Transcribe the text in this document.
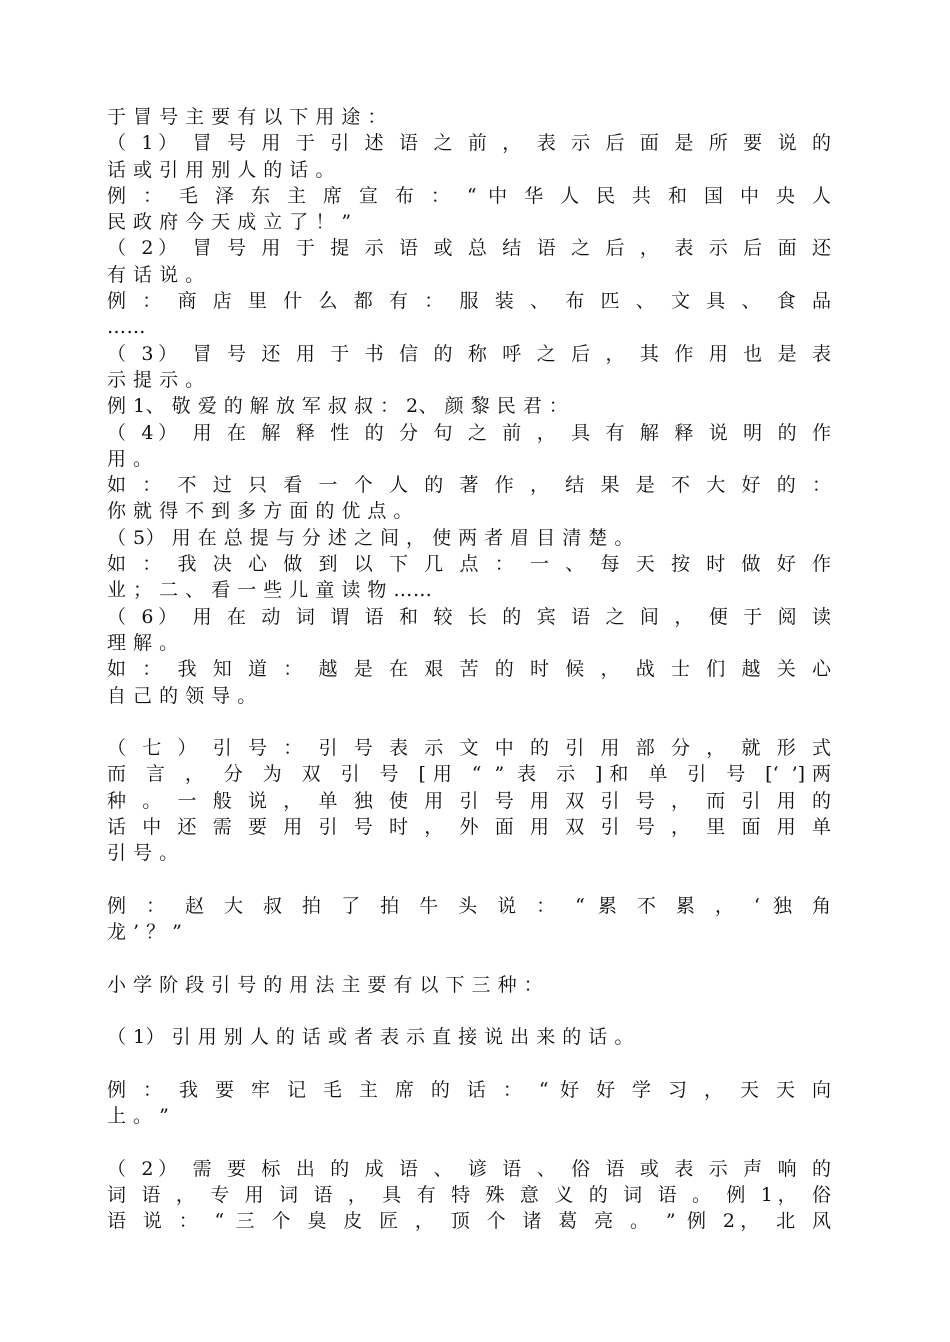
于 冒 号 主 要 有 以 下 用 途 ：
（ 1） 冒 号 用 于 引 述 语 之 前 ， 表 示 后 面 是 所 要 说 的
话 或 引 用 别 人 的 话 。
例 ： 毛 泽 东 主 席 宣 布 ： “ 中 华 人 民 共 和 国 中 央 人
民 政 府 今 天 成 立 了 ！ ”
（ 2） 冒 号 用 于 提 示 语 或 总 结 语 之 后 ， 表 示 后 面 还
有 话 说 。
例 ： 商 店 里 什 么 都 有 ： 服 装 、 布 匹 、 文 具 、 食 品
……
（ 3） 冒 号 还 用 于 书 信 的 称 呼 之 后 ， 其 作 用 也 是 表
示 提 示 。
例 1、 敬 爱 的 解 放 军 叔 叔 ： 2、 颜 黎 民 君 ：
（ 4） 用 在 解 释 性 的 分 句 之 前 ， 具 有 解 释 说 明 的 作
用 。
如 ： 不 过 只 看 一 个 人 的 著 作 ， 结 果 是 不 大 好 的 ：
你 就 得 不 到 多 方 面 的 优 点 。
（ 5） 用 在 总 提 与 分 述 之 间 ， 使 两 者 眉 目 清 楚 。
如 ： 我 决 心 做 到 以 下 几 点 ： 一 、 每 天 按 时 做 好 作
业 ； 二 、 看 一 些 儿 童 读 物 ……
（ 6） 用 在 动 词 谓 语 和 较 长 的 宾 语 之 间 ， 便 于 阅 读
理 解 。
如 ： 我 知 道 ： 越 是 在 艰 苦 的 时 候 ， 战 士 们 越 关 心
自 己 的 领 导 。
（ 七 ） 引 号 ： 引 号 表 示 文 中 的 引 用 部 分 ， 就 形 式
而 言 ， 分 为 双 引 号 [用 “ ” 表 示 ]和 单 引 号 [‘ ’]两
种 。 一 般 说 ， 单 独 使 用 引 号 用 双 引 号 ， 而 引 用 的
话 中 还 需 要 用 引 号 时 ， 外 面 用 双 引 号 ， 里 面 用 单
引 号 。
例 ： 赵 大 叔 拍 了 拍 牛 头 说 ： “ 累 不 累 ， ‘ 独 角
龙 ’ ？ ”
小 学 阶 段 引 号 的 用 法 主 要 有 以 下 三 种 ：
（ 1） 引 用 别 人 的 话 或 者 表 示 直 接 说 出 来 的 话 。
例 ： 我 要 牢 记 毛 主 席 的 话 ： “ 好 好 学 习 ， 天 天 向
上 。 ”
（ 2） 需 要 标 出 的 成 语 、 谚 语 、 俗 语 或 表 示 声 响 的
词 语 ， 专 用 词 语 ， 具 有 特 殊 意 义 的 词 语 。 例 1， 俗
语 说 ： “ 三 个 臭 皮 匠 ， 顶 个 诸 葛 亮 。 ” 例 2， 北 风
